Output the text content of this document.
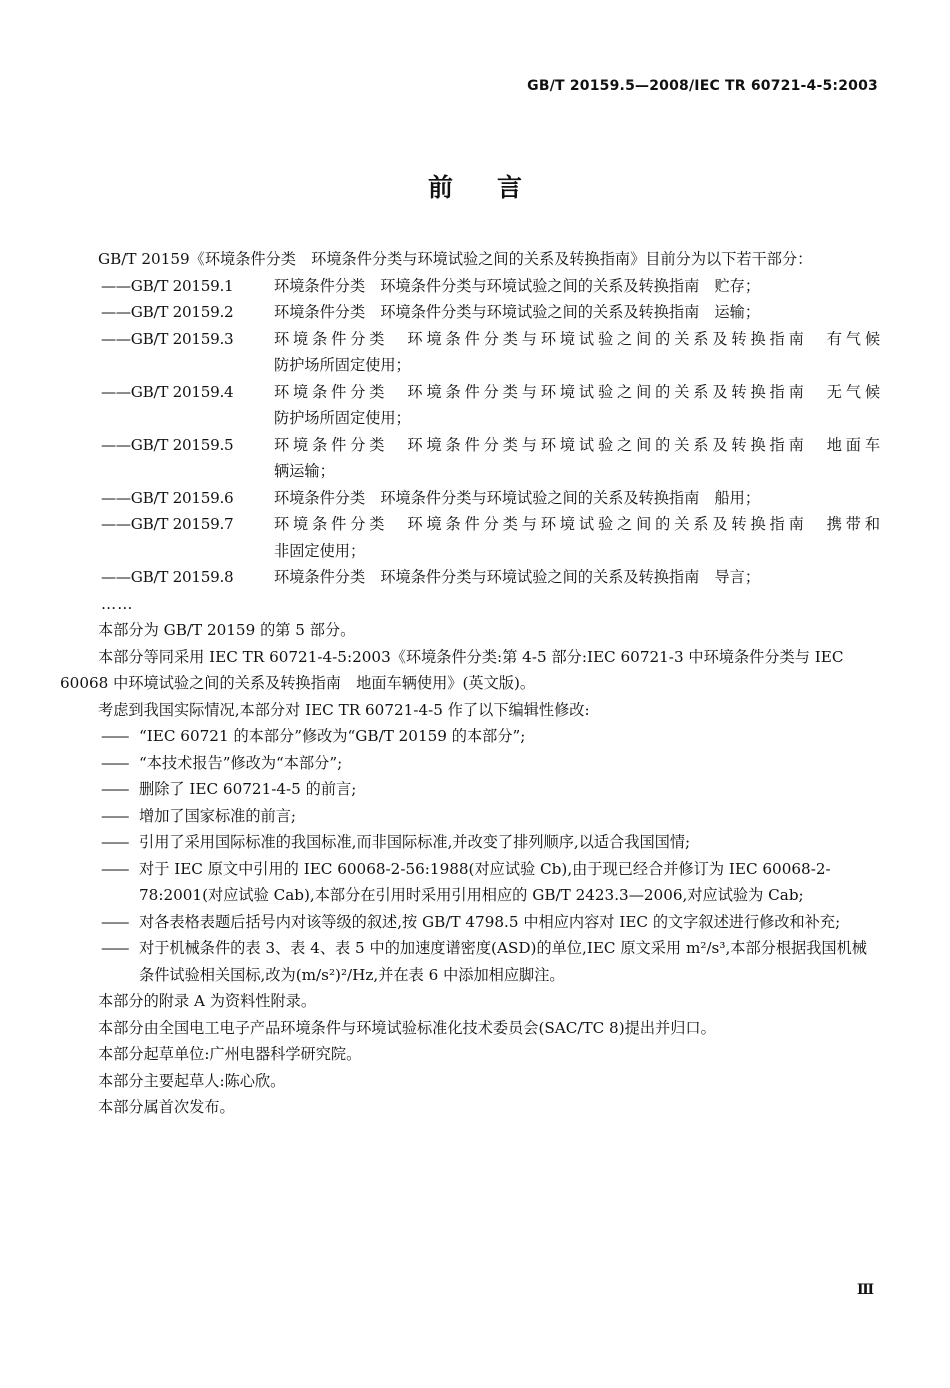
GB/T 20159.5—2008/IEC TR 60721-4-5:2003
前言

GB/T 20159《环境条件分类　环境条件分类与环境试验之间的关系及转换指南》目前分为以下若干部分：

——GB/T 20159.1	环境条件分类　环境条件分类与环境试验之间的关系及转换指南　贮存；
——GB/T 20159.2	环境条件分类　环境条件分类与环境试验之间的关系及转换指南　运输；
——GB/T 20159.3	环境条件分类　环境条件分类与环境试验之间的关系及转换指南　有气候
防护场所固定使用；
——GB/T 20159.4	环境条件分类　环境条件分类与环境试验之间的关系及转换指南　无气候
防护场所固定使用；
——GB/T 20159.5	环境条件分类　环境条件分类与环境试验之间的关系及转换指南　地面车
辆运输；
——GB/T 20159.6	环境条件分类　环境条件分类与环境试验之间的关系及转换指南　船用；
——GB/T 20159.7	环境条件分类　环境条件分类与环境试验之间的关系及转换指南　携带和
非固定使用；
——GB/T 20159.8	环境条件分类　环境条件分类与环境试验之间的关系及转换指南　导言；
……

本部分为 GB/T 20159 的第 5 部分。

本部分等同采用 IEC TR 60721-4-5:2003《环境条件分类:第 4-5 部分:IEC 60721-3 中环境条件分类与 IEC 60068 中环境试验之间的关系及转换指南　地面车辆使用》(英文版)。

考虑到我国实际情况,本部分对 IEC TR 60721-4-5 作了以下编辑性修改:

—— “IEC 60721 的本部分”修改为“GB/T 20159 的本部分”;
—— “本技术报告”修改为“本部分”;
—— 删除了 IEC 60721-4-5 的前言;
—— 增加了国家标准的前言;
—— 引用了采用国际标准的我国标准,而非国际标准,并改变了排列顺序,以适合我国国情;
—— 对于 IEC 原文中引用的 IEC 60068-2-56:1988(对应试验 Cb),由于现已经合并修订为 IEC 60068-2-78:2001(对应试验 Cab),本部分在引用时采用引用相应的 GB/T 2423.3—2006,对应试验为 Cab;
—— 对各表格表题后括号内对该等级的叙述,按 GB/T 4798.5 中相应内容对 IEC 的文字叙述进行修改和补充;
—— 对于机械条件的表 3、表 4、表 5 中的加速度谱密度(ASD)的单位,IEC 原文采用 m²/s³,本部分根据我国机械条件试验相关国标,改为(m/s²)²/Hz,并在表 6 中添加相应脚注。

本部分的附录 A 为资料性附录。

本部分由全国电工电子产品环境条件与环境试验标准化技术委员会(SAC/TC 8)提出并归口。

本部分起草单位:广州电器科学研究院。

本部分主要起草人:陈心欣。

本部分属首次发布。

Ⅲ
